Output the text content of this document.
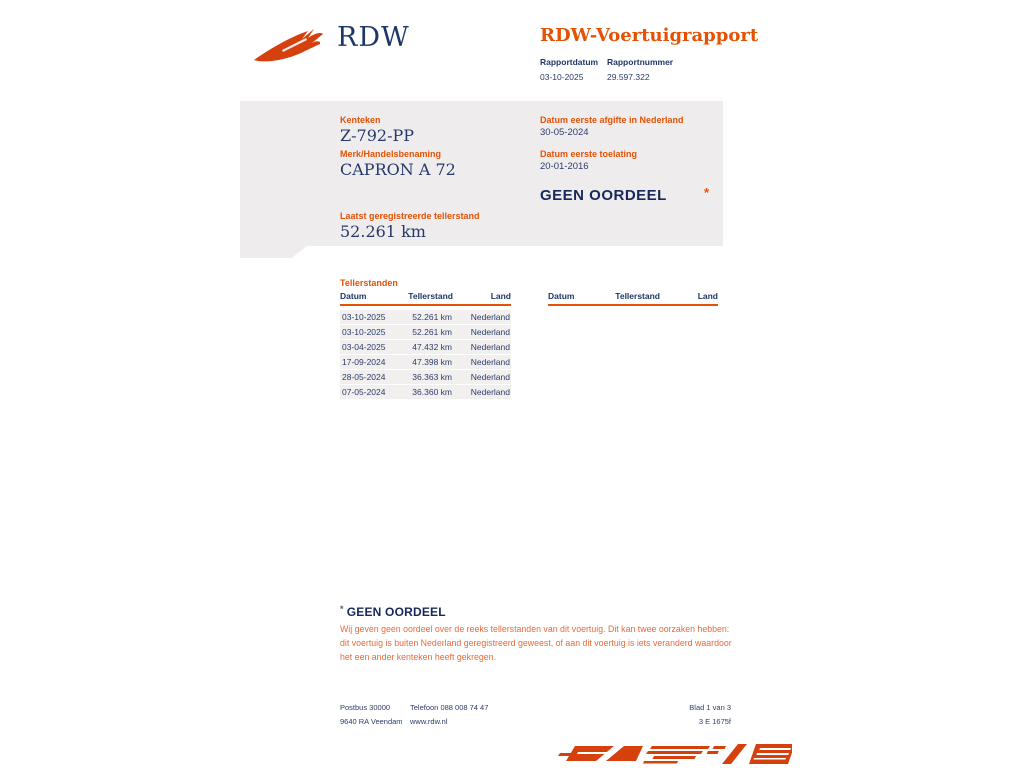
RDW	RDW-Voertuigrapport
Rapportdatum
03-10-2025
Rapportnummer
29.597.322
Kenteken
Z-792-PP
Merk/Handelsbenaming
CAPRON A 72
Laatst geregistreerde tellerstand
52.261 km
Datum eerste afgifte in Nederland
30-05-2024
Datum eerste toelating
20-01-2016
GEEN OORDEEL	*
Tellerstanden
Datum	Tellerstand	Land
03-10-2025	52.261 km	Nederland
03-10-2025	52.261 km	Nederland
03-04-2025	47.432 km	Nederland
17-09-2024	47.398 km	Nederland
28-05-2024	36.363 km	Nederland
07-05-2024	36.360 km	Nederland
Datum	Tellerstand	Land
* GEEN OORDEEL
Wij geven geen oordeel over de reeks tellerstanden van dit voertuig. Dit kan twee oorzaken hebben: dit voertuig is buiten Nederland geregistreerd geweest, of aan dit voertuig is iets veranderd waardoor het een ander kenteken heeft gekregen.
Postbus 30000
9640 RA Veendam
Telefoon 088 008 74 47
www.rdw.nl
Blad 1 van 3
3 E 1675f
